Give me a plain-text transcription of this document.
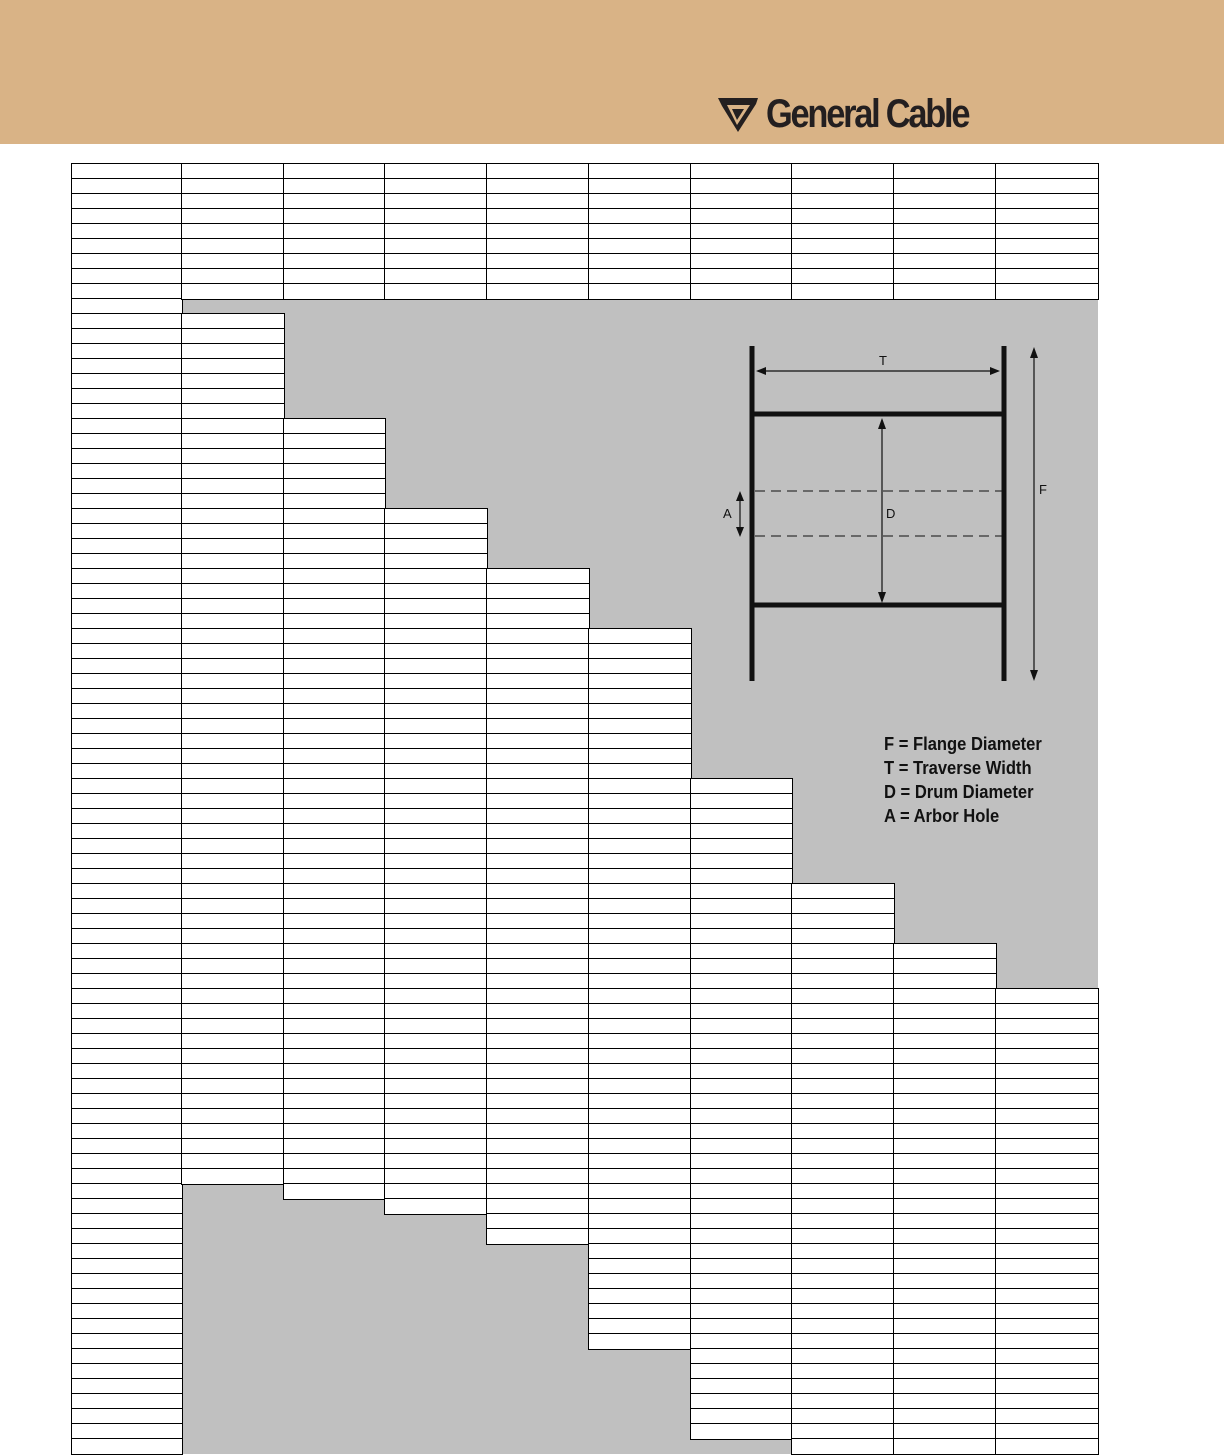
General Cable
T
F
D
A
F = Flange Diameter
T = Traverse Width
D = Drum Diameter
A = Arbor Hole
